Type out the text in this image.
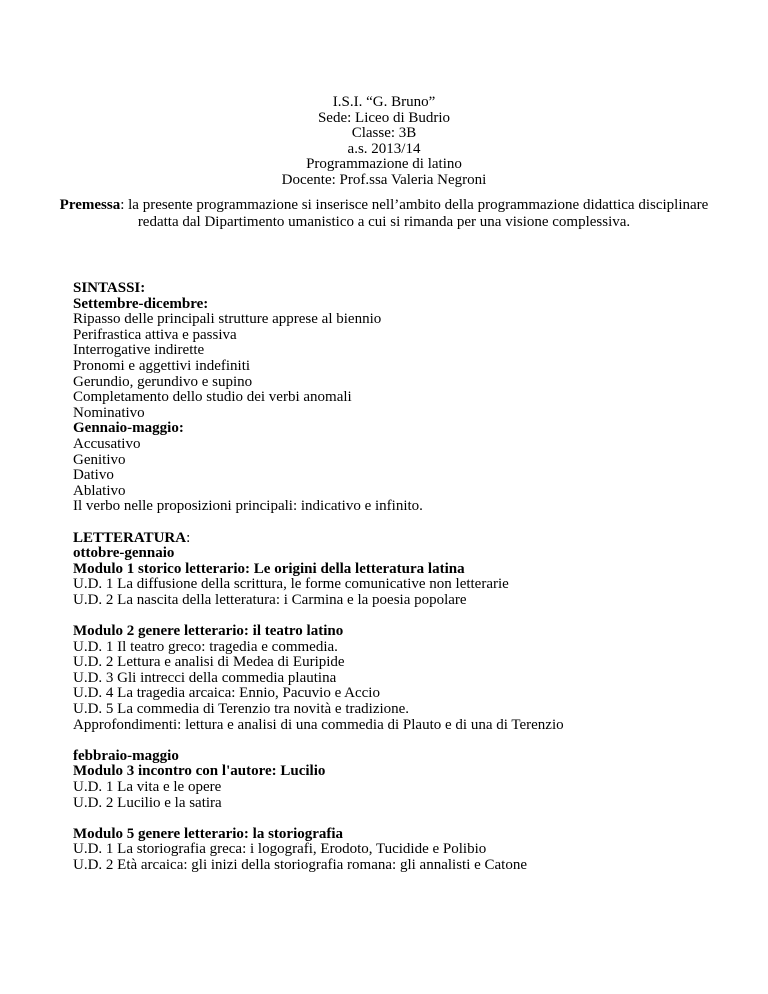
I.S.I. “G. Bruno”
Sede: Liceo di Budrio
Classe: 3B
a.s. 2013/14
Programmazione di latino
Docente: Prof.ssa Valeria Negroni
Premessa: la presente programmazione si inserisce nell’ambito della programmazione didattica disciplinare redatta dal Dipartimento umanistico a cui si rimanda per una visione complessiva.
SINTASSI:
Settembre-dicembre:
Ripasso delle principali strutture apprese al biennio
Perifrastica attiva e passiva
Interrogative indirette
Pronomi e aggettivi indefiniti
Gerundio, gerundivo e supino
Completamento dello studio dei verbi anomali
Nominativo
Gennaio-maggio:
Accusativo
Genitivo
Dativo
Ablativo
Il verbo nelle proposizioni principali: indicativo e infinito.
LETTERATURA:
ottobre-gennaio
Modulo 1 storico letterario: Le origini della letteratura latina
U.D. 1 La diffusione della scrittura, le forme comunicative non letterarie
U.D. 2 La nascita della letteratura: i Carmina e la poesia popolare
Modulo 2 genere letterario: il teatro latino
U.D. 1 Il teatro greco: tragedia e commedia.
U.D. 2 Lettura e analisi di Medea di Euripide
U.D. 3 Gli intrecci della commedia plautina
U.D. 4 La tragedia arcaica: Ennio, Pacuvio e Accio
U.D. 5 La commedia di Terenzio tra novità e tradizione.
Approfondimenti: lettura e analisi di una commedia di Plauto e di una di Terenzio
febbraio-maggio
Modulo 3 incontro con l'autore: Lucilio
U.D. 1 La vita e le opere
U.D. 2 Lucilio e la satira
Modulo 5 genere letterario: la storiografia
U.D. 1 La storiografia greca: i logografi, Erodoto, Tucidide e Polibio
U.D. 2 Età arcaica: gli inizi della storiografia romana: gli annalisti e Catone
